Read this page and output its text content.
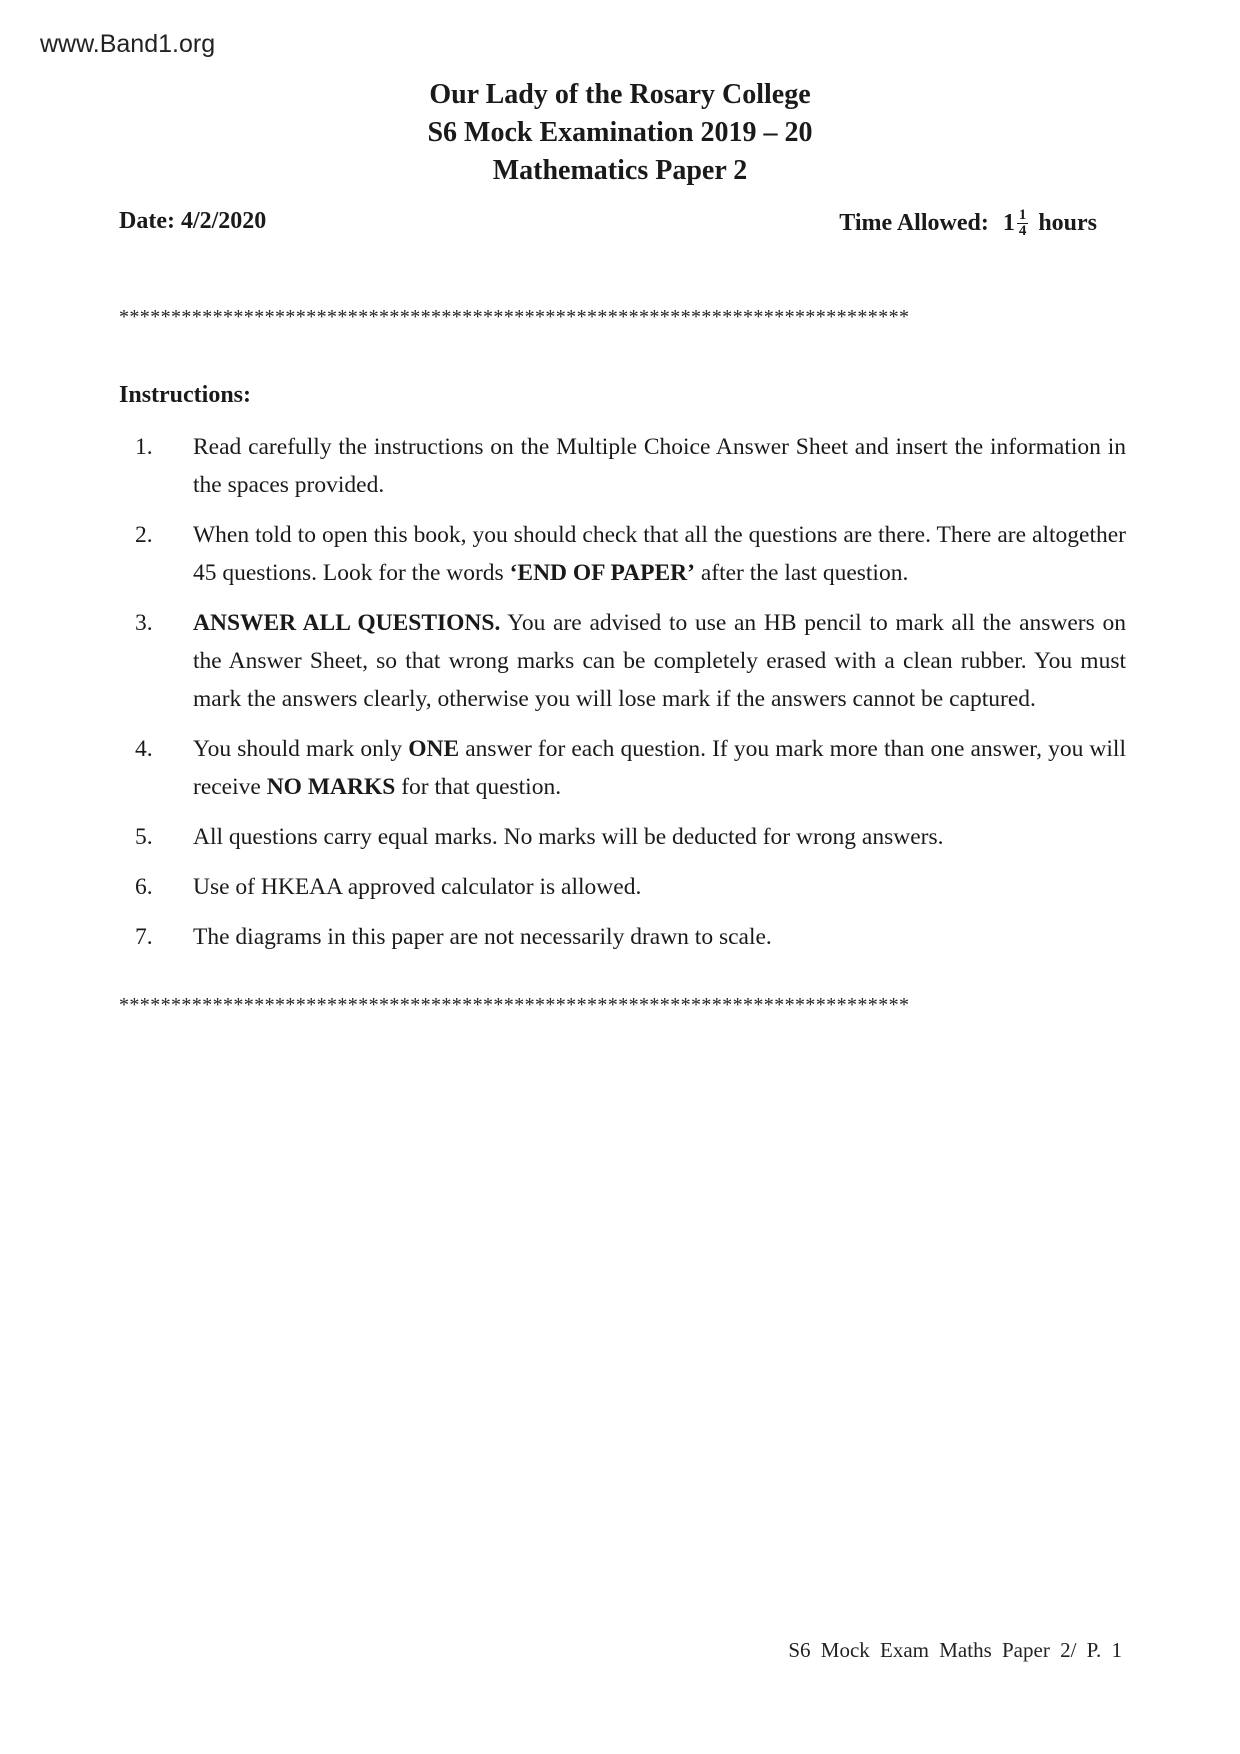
www.Band1.org
Our Lady of the Rosary College
S6 Mock Examination 2019 – 20
Mathematics Paper 2
Date: 4/2/2020	Time Allowed: $1 \frac{1}{4}$ hours
****************************************************************************
Instructions:
1.	Read carefully the instructions on the Multiple Choice Answer Sheet and insert the information in the spaces provided.
2.	When told to open this book, you should check that all the questions are there. There are altogether 45 questions. Look for the words ‘END OF PAPER’ after the last question.
3.	ANSWER ALL QUESTIONS. You are advised to use an HB pencil to mark all the answers on the Answer Sheet, so that wrong marks can be completely erased with a clean rubber. You must mark the answers clearly, otherwise you will lose mark if the answers cannot be captured.
4.	You should mark only ONE answer for each question. If you mark more than one answer, you will receive NO MARKS for that question.
5.	All questions carry equal marks. No marks will be deducted for wrong answers.
6.	Use of HKEAA approved calculator is allowed.
7.	The diagrams in this paper are not necessarily drawn to scale.
****************************************************************************
S6 Mock Exam Maths Paper 2/ P. 1
